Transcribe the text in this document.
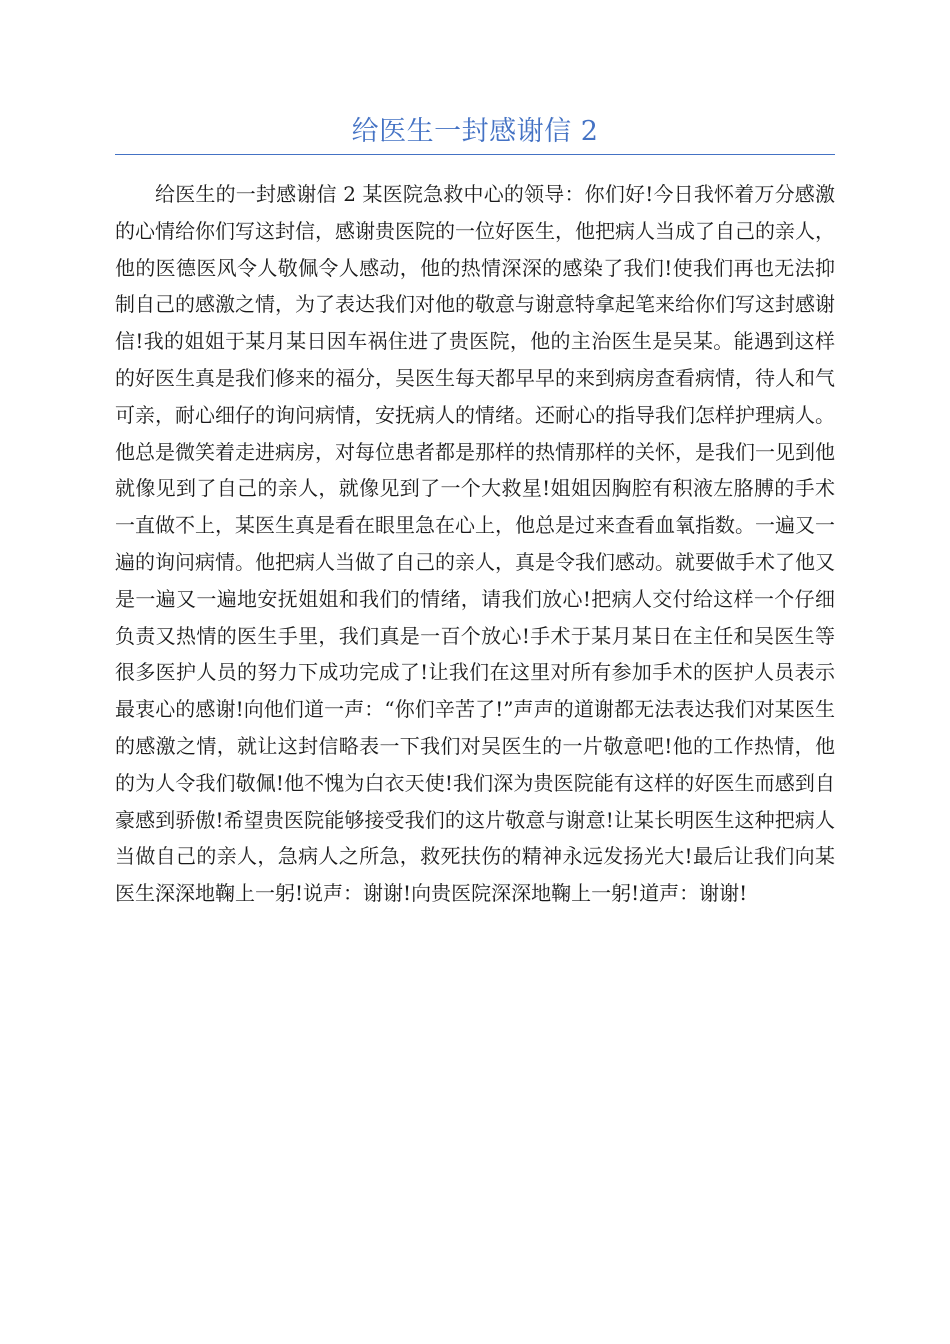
给医生一封感谢信 2

给医生的一封感谢信 2 某医院急救中心的领导：你们好!今日我怀着万分感激的心情给你们写这封信，感谢贵医院的一位好医生，他把病人当成了自己的亲人，他的医德医风令人敬佩令人感动，他的热情深深的感染了我们!使我们再也无法抑制自己的感激之情，为了表达我们对他的敬意与谢意特拿起笔来给你们写这封感谢信!我的姐姐于某月某日因车祸住进了贵医院，他的主治医生是吴某。能遇到这样的好医生真是我们修来的福分，吴医生每天都早早的来到病房查看病情，待人和气可亲，耐心细仔的询问病情，安抚病人的情绪。还耐心的指导我们怎样护理病人。他总是微笑着走进病房，对每位患者都是那样的热情那样的关怀，是我们一见到他就像见到了自己的亲人，就像见到了一个大救星!姐姐因胸腔有积液左胳膊的手术一直做不上，某医生真是看在眼里急在心上，他总是过来查看血氧指数。一遍又一遍的询问病情。他把病人当做了自己的亲人，真是令我们感动。就要做手术了他又是一遍又一遍地安抚姐姐和我们的情绪，请我们放心!把病人交付给这样一个仔细负责又热情的医生手里，我们真是一百个放心!手术于某月某日在主任和吴医生等很多医护人员的努力下成功完成了!让我们在这里对所有参加手术的医护人员表示最衷心的感谢!向他们道一声：“你们辛苦了!”声声的道谢都无法表达我们对某医生的感激之情，就让这封信略表一下我们对吴医生的一片敬意吧!他的工作热情，他的为人令我们敬佩!他不愧为白衣天使!我们深为贵医院能有这样的好医生而感到自豪感到骄傲!希望贵医院能够接受我们的这片敬意与谢意!让某长明医生这种把病人当做自己的亲人，急病人之所急，救死扶伤的精神永远发扬光大!最后让我们向某医生深深地鞠上一躬!说声：谢谢!向贵医院深深地鞠上一躬!道声：谢谢!
